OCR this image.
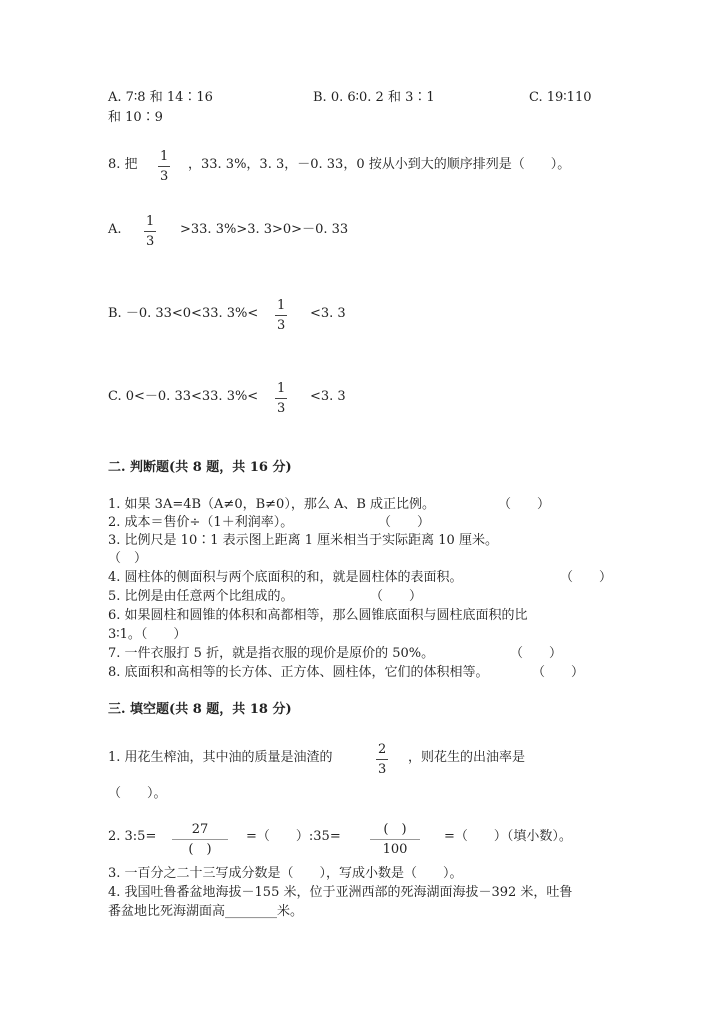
A. 7∶8 和 14∶16	B. 0. 6∶0. 2 和 3∶1	C. 19∶110
和 10∶9
8. 把
1
3
，33. 3%，3. 3，－0. 33，0 按从小到大的顺序排列是（　　）。
A.
1
3
>33. 3%>3. 3>0>－0. 33
B. －0. 33<0<33. 3%<
1
3
<3. 3
C. 0<－0. 33<33. 3%<
1
3
<3. 3
二. 判断题(共 8 题，共 16 分)
1. 如果 3A=4B（A≠0，B≠0），那么 A、B 成正比例。	（　　）
2. 成本＝售价÷（1＋利润率）。	（　　）
3. 比例尺是 10∶1 表示图上距离 1 厘米相当于实际距离 10 厘米。
（　）
4. 圆柱体的侧面积与两个底面积的和，就是圆柱体的表面积。	（　　）
5. 比例是由任意两个比组成的。	（　　）
6. 如果圆柱和圆锥的体积和高都相等，那么圆锥底面积与圆柱底面积的比
3∶1。（　　）
7. 一件衣服打 5 折，就是指衣服的现价是原价的 50%。	（　　）
8. 底面积和高相等的长方体、正方体、圆柱体，它们的体积相等。	（　　）
三. 填空题(共 8 题，共 18 分)
1. 用花生榨油，其中油的质量是油渣的
2
3
，则花生的出油率是
（　　）。
2. 3:5=	27
(　)
=（　　）:35=	(　)
100
=（　　）（填小数）。
3. 一百分之二十三写成分数是（　　），写成小数是（　　）。
4. 我国吐鲁番盆地海拔－155 米，位于亚洲西部的死海湖面海拔－392 米，吐鲁
番盆地比死海湖面高________米。
